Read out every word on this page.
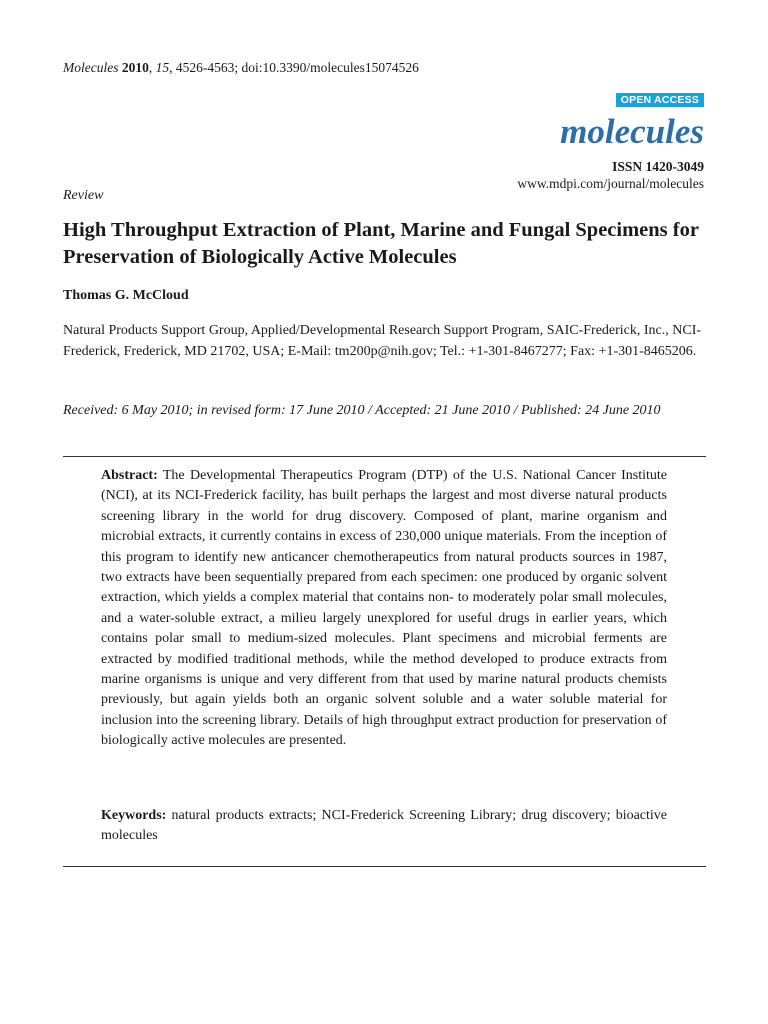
Molecules 2010, 15, 4526-4563; doi:10.3390/molecules15074526
OPEN ACCESS
molecules
ISSN 1420-3049
www.mdpi.com/journal/molecules
Review
High Throughput Extraction of Plant, Marine and Fungal Specimens for Preservation of Biologically Active Molecules
Thomas G. McCloud
Natural Products Support Group, Applied/Developmental Research Support Program, SAIC-Frederick, Inc., NCI-Frederick, Frederick, MD 21702, USA; E-Mail: tm200p@nih.gov; Tel.: +1-301-8467277; Fax: +1-301-8465206.
Received: 6 May 2010; in revised form: 17 June 2010 / Accepted: 21 June 2010 / Published: 24 June 2010
Abstract: The Developmental Therapeutics Program (DTP) of the U.S. National Cancer Institute (NCI), at its NCI-Frederick facility, has built perhaps the largest and most diverse natural products screening library in the world for drug discovery. Composed of plant, marine organism and microbial extracts, it currently contains in excess of 230,000 unique materials. From the inception of this program to identify new anticancer chemotherapeutics from natural products sources in 1987, two extracts have been sequentially prepared from each specimen: one produced by organic solvent extraction, which yields a complex material that contains non- to moderately polar small molecules, and a water-soluble extract, a milieu largely unexplored for useful drugs in earlier years, which contains polar small to medium-sized molecules. Plant specimens and microbial ferments are extracted by modified traditional methods, while the method developed to produce extracts from marine organisms is unique and very different from that used by marine natural products chemists previously, but again yields both an organic solvent soluble and a water soluble material for inclusion into the screening library. Details of high throughput extract production for preservation of biologically active molecules are presented.
Keywords: natural products extracts; NCI-Frederick Screening Library; drug discovery; bioactive molecules
